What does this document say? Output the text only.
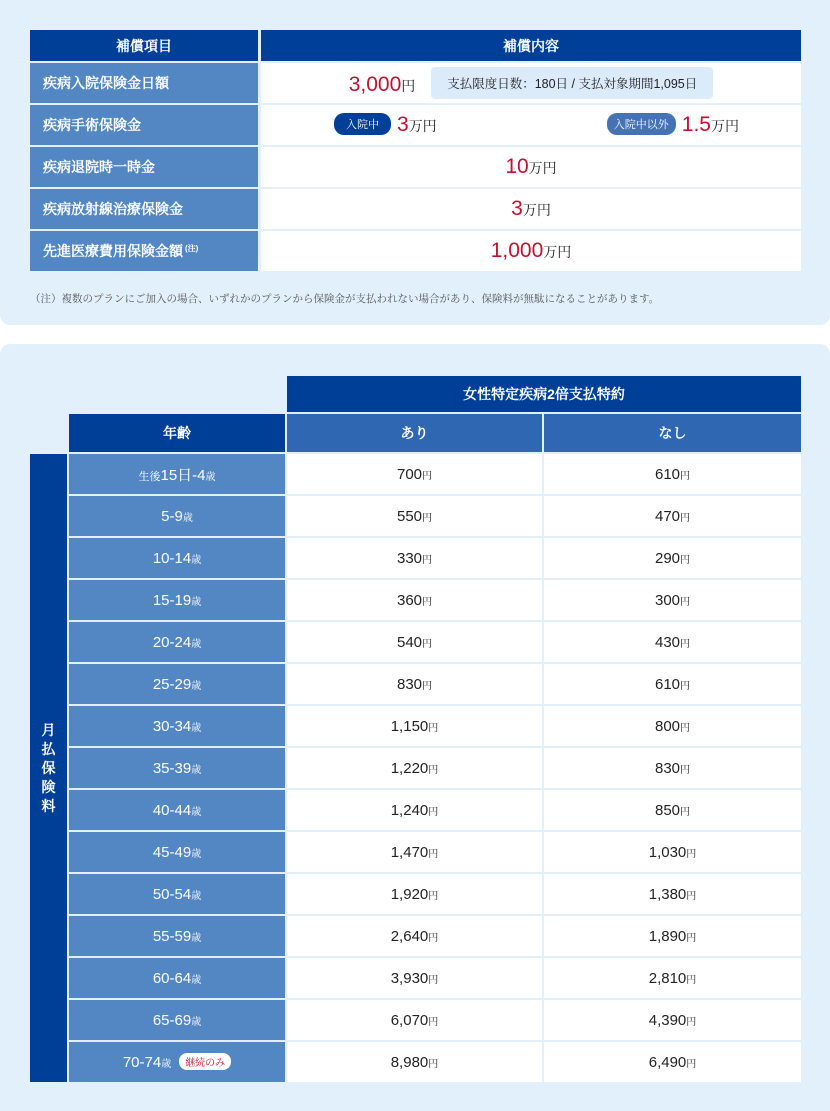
補償項目	補償内容
疾病入院保険金日額	3,000円 支払限度日数：180日 / 支払対象期間1,095日
疾病手術保険金	入院中 3万円 入院中以外 1.5万円

疾病退院時一時金	10万円
疾病放射線治療保険金	3万円
先進医療費用保険金額 $^{(注)}$	1,000万円
（注）複数のプランにご加入の場合、いずれかのプランから保険金が支払われない場合があり、保険料が無駄になることがあります。
		女性特定疾病2倍支払特約	
	年齢	あり	なし

月
払
保
険
料	生後15日-4歳	700円	610円
	5-9歳	550円	470円
	10-14歳	330円	290円
	15-19歳	360円	300円
	20-24歳	540円	430円
	25-29歳	830円	610円
	30-34歳	1,150円	800円
	35-39歳	1,220円	830円
	40-44歳	1,240円	850円
	45-49歳	1,470円	1,030円
	50-54歳	1,920円	1,380円
	55-59歳	2,640円	1,890円
	60-64歳	3,930円	2,810円
	65-69歳	6,070円	4,390円
	70-74歳 継続のみ	8,980円	6,490円
